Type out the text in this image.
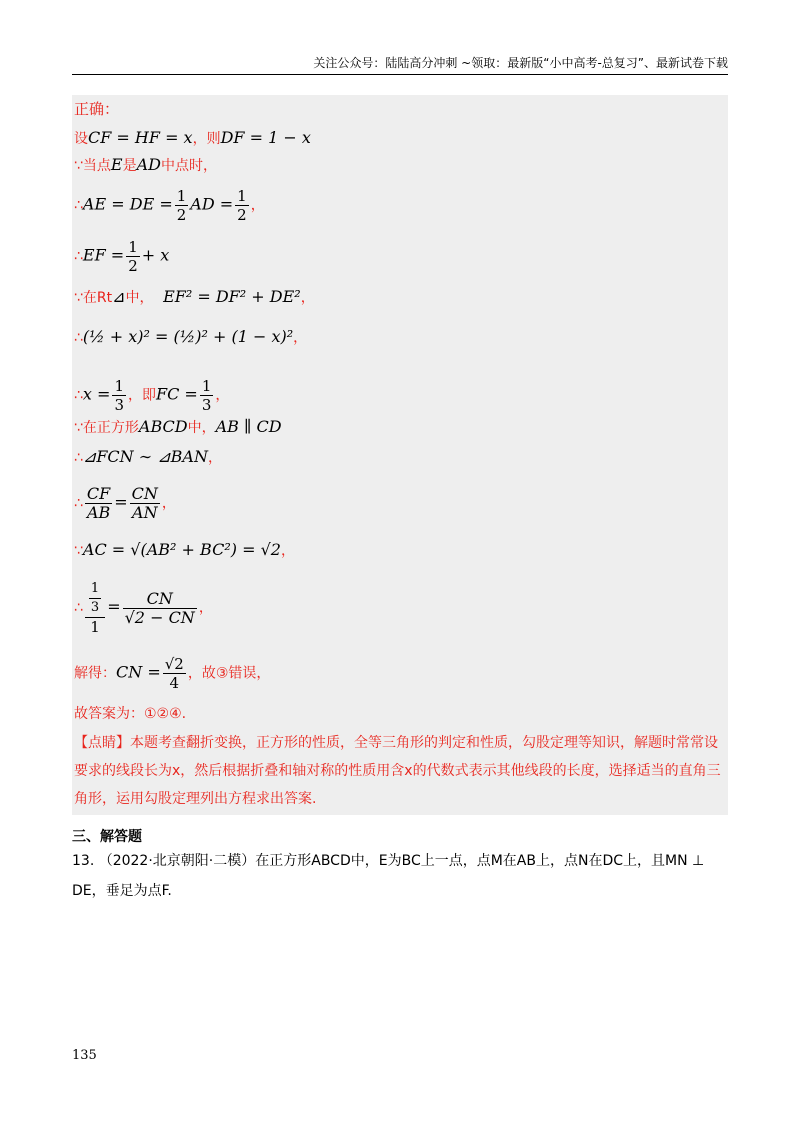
关注公众号：陆陆高分冲刺 ~领取：最新版“小中高考-总复习”、最新试卷下载
正确：
设CF = HF = x，则DF = 1 − x
∵当点E是AD中点时，
∴AE = DE = $\frac{1}{2}$ AD = $\frac{1}{2}$ ，
∴EF = $\frac{1}{2} + x$
∵在Rt⊿中， EF² = DF² + DE²，
∴(½ + x)² = (½)² + (1 − x)²，
∴x = $\frac{1}{3}$ ，即FC = $\frac{1}{3}$ ，
∵在正方形ABCD中，AB ∥ CD
∴⊿FCN ∼ ⊿BAN，
∴ $\frac{CF}{AB} = \frac{CN}{AN}$ ，
∵AC = √(AB² + BC²) = √2，
∴ $\frac{\frac{1}{3}}{1} = \frac{CN}{√2 - CN}$ ，
解得：CN = $\frac{√2}{4}$ ，故③错误，
故答案为：①②④.
【点睛】本题考查翻折变换，正方形的性质，全等三角形的判定和性质，勾股定理等知识，解题时常常设要求的线段长为x，然后根据折叠和轴对称的性质用含x的代数式表示其他线段的长度，选择适当的直角三角形，运用勾股定理列出方程求出答案.
三、解答题
13. （2022·北京朝阳·二模）在正方形ABCD中，E为BC上一点，点M在AB上，点N在DC上，且MN ⊥ DE，垂足为点F.
135
